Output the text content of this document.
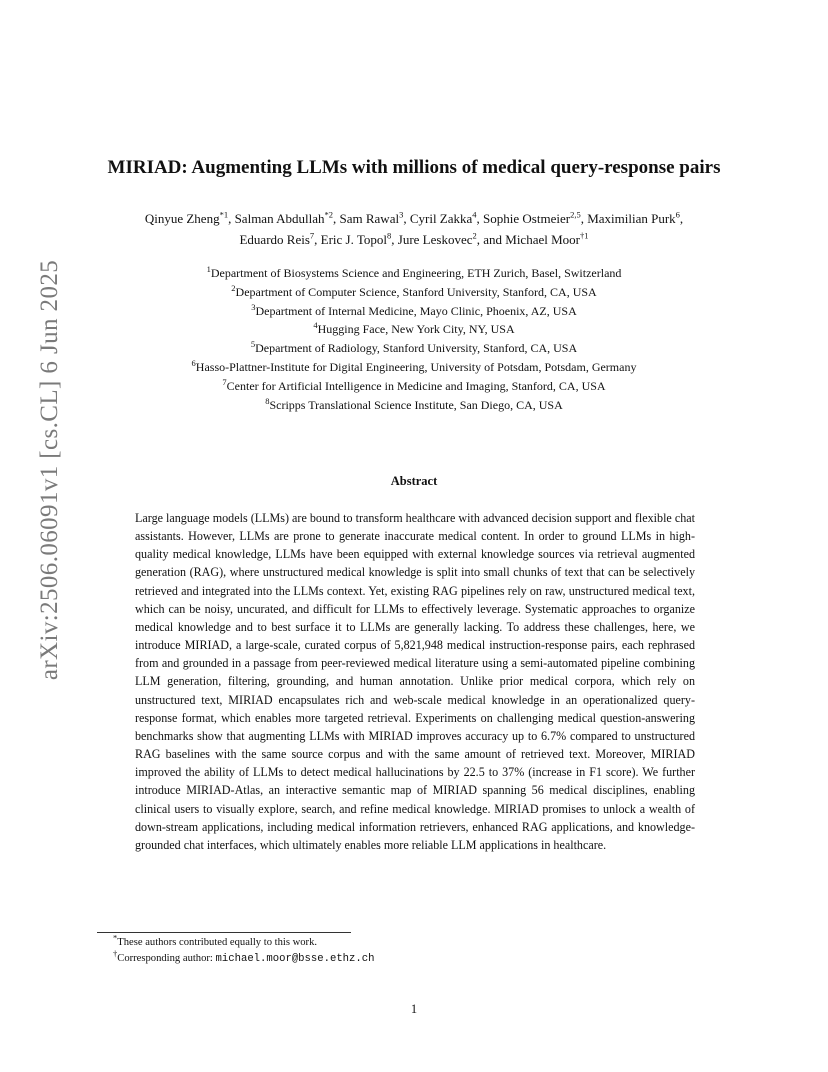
arXiv:2506.06091v1 [cs.CL] 6 Jun 2025
MIRIAD: Augmenting LLMs with millions of medical query-response pairs
Qinyue Zheng$^{*1}$, Salman Abdullah$^{*2}$, Sam Rawal$^3$, Cyril Zakka$^4$, Sophie Ostmeier$^{2,5}$, Maximilian Purk$^6$,
Eduardo Reis$^7$, Eric J. Topol$^8$, Jure Leskovec$^2$, and Michael Moor$^{\dagger 1}$
$^1$Department of Biosystems Science and Engineering, ETH Zurich, Basel, Switzerland
$^2$Department of Computer Science, Stanford University, Stanford, CA, USA
$^3$Department of Internal Medicine, Mayo Clinic, Phoenix, AZ, USA
$^4$Hugging Face, New York City, NY, USA
$^5$Department of Radiology, Stanford University, Stanford, CA, USA
$^6$Hasso-Plattner-Institute for Digital Engineering, University of Potsdam, Potsdam, Germany
$^7$Center for Artificial Intelligence in Medicine and Imaging, Stanford, CA, USA
$^8$Scripps Translational Science Institute, San Diego, CA, USA
Abstract

Large language models (LLMs) are bound to transform healthcare with advanced decision support and flexible chat assistants. However, LLMs are prone to generate inaccurate medical content. In order to ground LLMs in high-quality medical knowledge, LLMs have been equipped with external knowledge sources via retrieval augmented generation (RAG), where unstructured medical knowledge is split into small chunks of text that can be selectively retrieved and integrated into the LLMs context. Yet, existing RAG pipelines rely on raw, unstructured medical text, which can be noisy, uncurated, and difficult for LLMs to effectively leverage. Systematic approaches to organize medical knowledge and to best surface it to LLMs are generally lacking. To address these challenges, here, we introduce MIRIAD, a large-scale, curated corpus of 5,821,948 medical instruction-response pairs, each rephrased from and grounded in a passage from peer-reviewed medical literature using a semi-automated pipeline combining LLM generation, filtering, grounding, and human annotation. Unlike prior medical corpora, which rely on unstructured text, MIRIAD encapsulates rich and web-scale medical knowledge in an operationalized query-response format, which enables more targeted retrieval. Experiments on challenging medical question-answering benchmarks show that augmenting LLMs with MIRIAD improves accuracy up to 6.7% compared to unstructured RAG baselines with the same source corpus and with the same amount of retrieved text. Moreover, MIRIAD improved the ability of LLMs to detect medical hallucinations by 22.5 to 37% (increase in F1 score). We further introduce MIRIAD-Atlas, an interactive semantic map of MIRIAD spanning 56 medical disciplines, enabling clinical users to visually explore, search, and refine medical knowledge. MIRIAD promises to unlock a wealth of down-stream applications, including medical information retrievers, enhanced RAG applications, and knowledge-grounded chat interfaces, which ultimately enables more reliable LLM applications in healthcare.

*These authors contributed equally to this work.
†Corresponding author: michael.moor@bsse.ethz.ch
1
